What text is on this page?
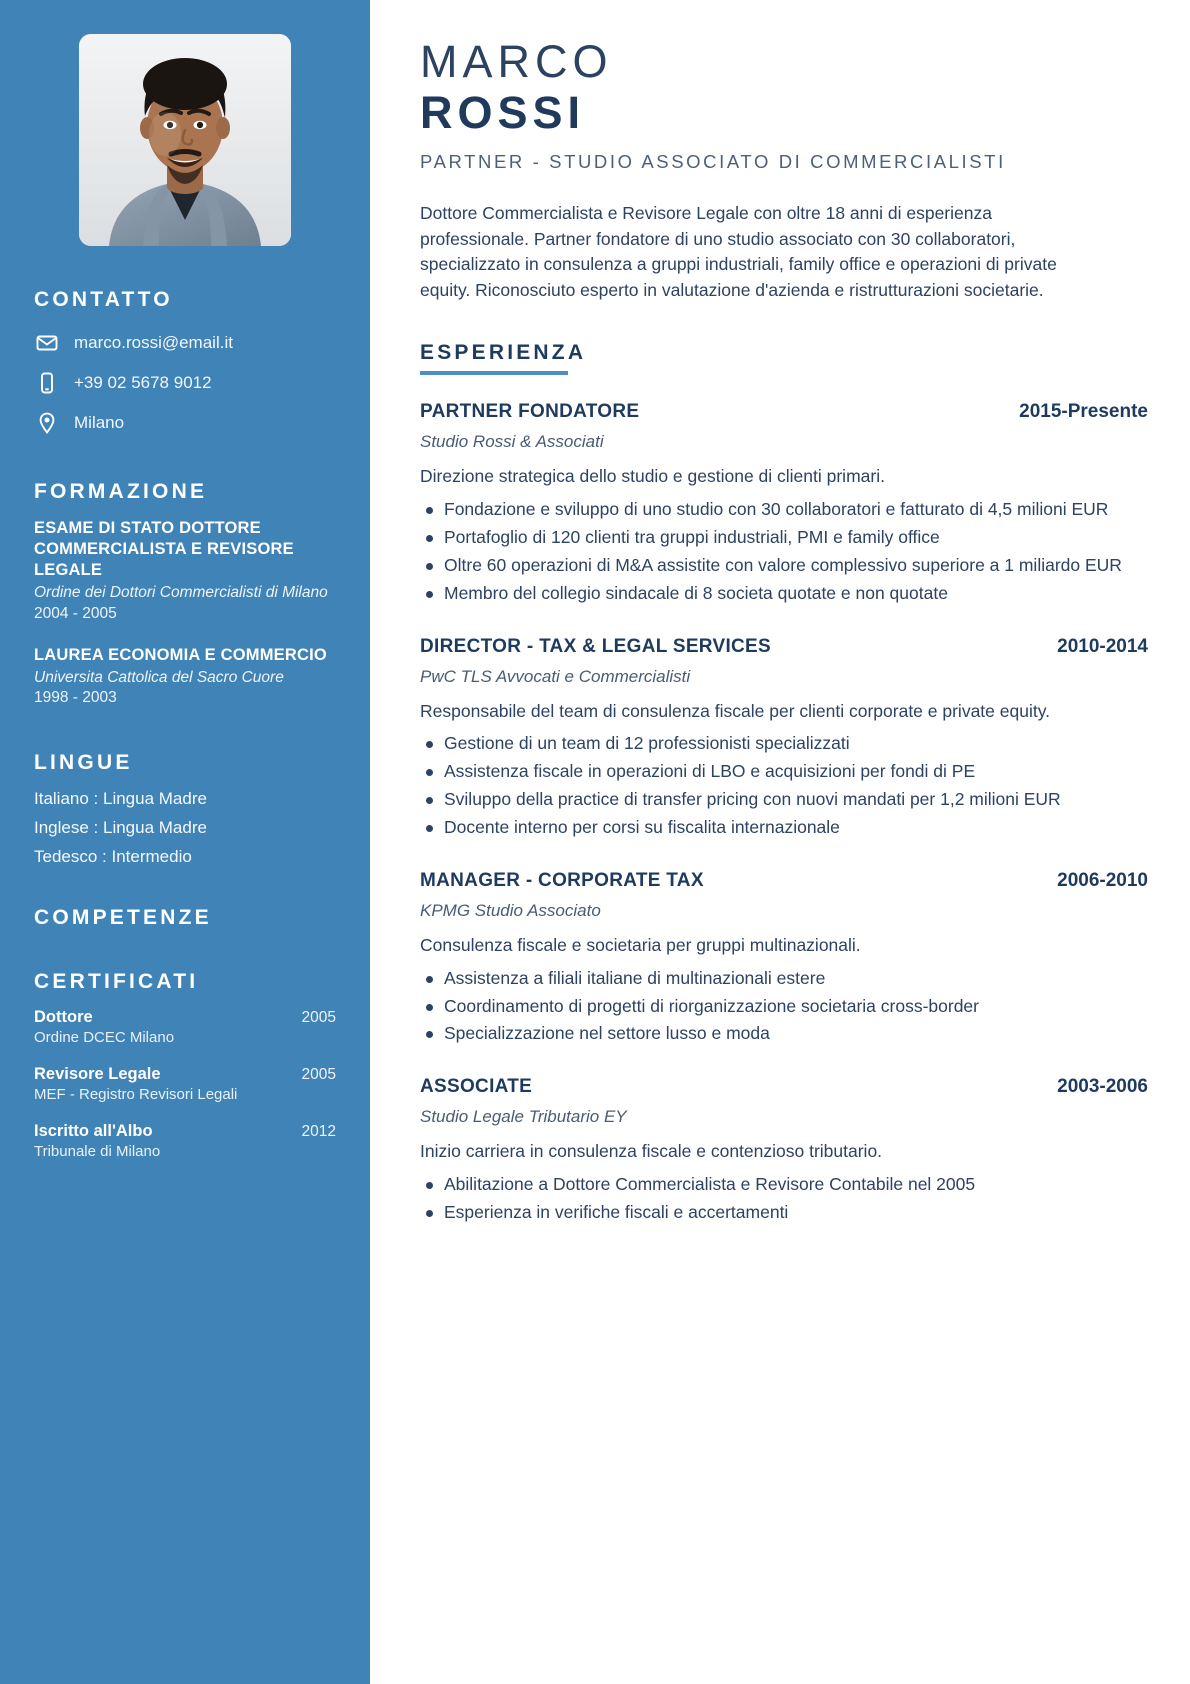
CONTATTO
marco.rossi@email.it
+39 02 5678 9012
Milano
FORMAZIONE
ESAME DI STATO DOTTORE COMMERCIALISTA E REVISORE LEGALE
Ordine dei Dottori Commercialisti di Milano
2004 - 2005
LAUREA ECONOMIA E COMMERCIO
Universita Cattolica del Sacro Cuore
1998 - 2003
LINGUE
Italiano : Lingua Madre
Inglese : Lingua Madre
Tedesco : Intermedio
COMPETENZE
CERTIFICATI
Dottore	2005
Ordine DCEC Milano
Revisore Legale	2005
MEF - Registro Revisori Legali
Iscritto all'Albo	2012
Tribunale di Milano
MARCO
ROSSI
PARTNER - STUDIO ASSOCIATO DI COMMERCIALISTI

Dottore Commercialista e Revisore Legale con oltre 18 anni di esperienza professionale. Partner fondatore di uno studio associato con 30 collaboratori, specializzato in consulenza a gruppi industriali, family office e operazioni di private equity. Riconosciuto esperto in valutazione d'azienda e ristrutturazioni societarie.

ESPERIENZA
PARTNER FONDATORE	2015-Presente
Studio Rossi & Associati
Direzione strategica dello studio e gestione di clienti primari.
Fondazione e sviluppo di uno studio con 30 collaboratori e fatturato di 4,5 milioni EUR
Portafoglio di 120 clienti tra gruppi industriali, PMI e family office
Oltre 60 operazioni di M&A assistite con valore complessivo superiore a 1 miliardo EUR
Membro del collegio sindacale di 8 societa quotate e non quotate
DIRECTOR - TAX & LEGAL SERVICES	2010-2014
PwC TLS Avvocati e Commercialisti
Responsabile del team di consulenza fiscale per clienti corporate e private equity.
Gestione di un team di 12 professionisti specializzati
Assistenza fiscale in operazioni di LBO e acquisizioni per fondi di PE
Sviluppo della practice di transfer pricing con nuovi mandati per 1,2 milioni EUR
Docente interno per corsi su fiscalita internazionale
MANAGER - CORPORATE TAX	2006-2010
KPMG Studio Associato
Consulenza fiscale e societaria per gruppi multinazionali.
Assistenza a filiali italiane di multinazionali estere
Coordinamento di progetti di riorganizzazione societaria cross-border
Specializzazione nel settore lusso e moda
ASSOCIATE	2003-2006
Studio Legale Tributario EY
Inizio carriera in consulenza fiscale e contenzioso tributario.
Abilitazione a Dottore Commercialista e Revisore Contabile nel 2005
Esperienza in verifiche fiscali e accertamenti
